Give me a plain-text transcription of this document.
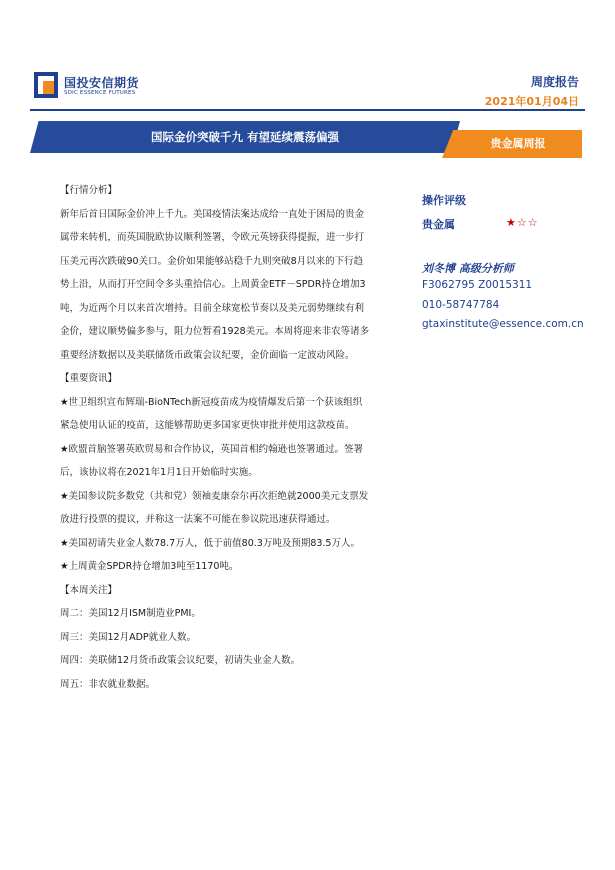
国投安信期货
SDIC ESSENCE FUTURES
周度报告
2021年01月04日
国际金价突破千九 有望延续震荡偏强	贵金属周报
【行情分析】
新年后首日国际金价冲上千九。美国疫情法案达成给一直处于困局的贵金
属带来转机，而英国脱欧协议顺利签署，令欧元英镑获得提振，进一步打
压美元再次跌破90关口。金价如果能够站稳千九则突破8月以来的下行趋
势上沿，从而打开空间令多头重拾信心。上周黄金ETF－SPDR持仓增加3
吨，为近两个月以来首次增持。目前全球宽松节奏以及美元弱势继续有利
金价，建议顺势偏多参与，阻力位暂看1928美元。本周将迎来非农等诸多
重要经济数据以及美联储货币政策会议纪要，金价面临一定波动风险。
【重要资讯】
★世卫组织宣布辉瑞-BioNTech新冠疫苗成为疫情爆发后第一个获该组织
紧急使用认证的疫苗，这能够帮助更多国家更快审批并使用这款疫苗。
★欧盟首脑签署英欧贸易和合作协议，英国首相约翰逊也签署通过。签署
后，该协议将在2021年1月1日开始临时实施。
★美国参议院多数党（共和党）领袖麦康奈尔再次拒绝就2000美元支票发
放进行投票的提议，并称这一法案不可能在参议院迅速获得通过。
★美国初请失业金人数78.7万人，低于前值80.3万吨及预期83.5万人。
★上周黄金SPDR持仓增加3吨至1170吨。
【本周关注】
周二：美国12月ISM制造业PMI。
周三：美国12月ADP就业人数。
周四：美联储12月货币政策会议纪要，初请失业金人数。
周五：非农就业数据。
操作评级
贵金属	★☆☆
刘冬博 高级分析师
F3062795 Z0015311
010-58747784
gtaxinstitute@essence.com.cn
